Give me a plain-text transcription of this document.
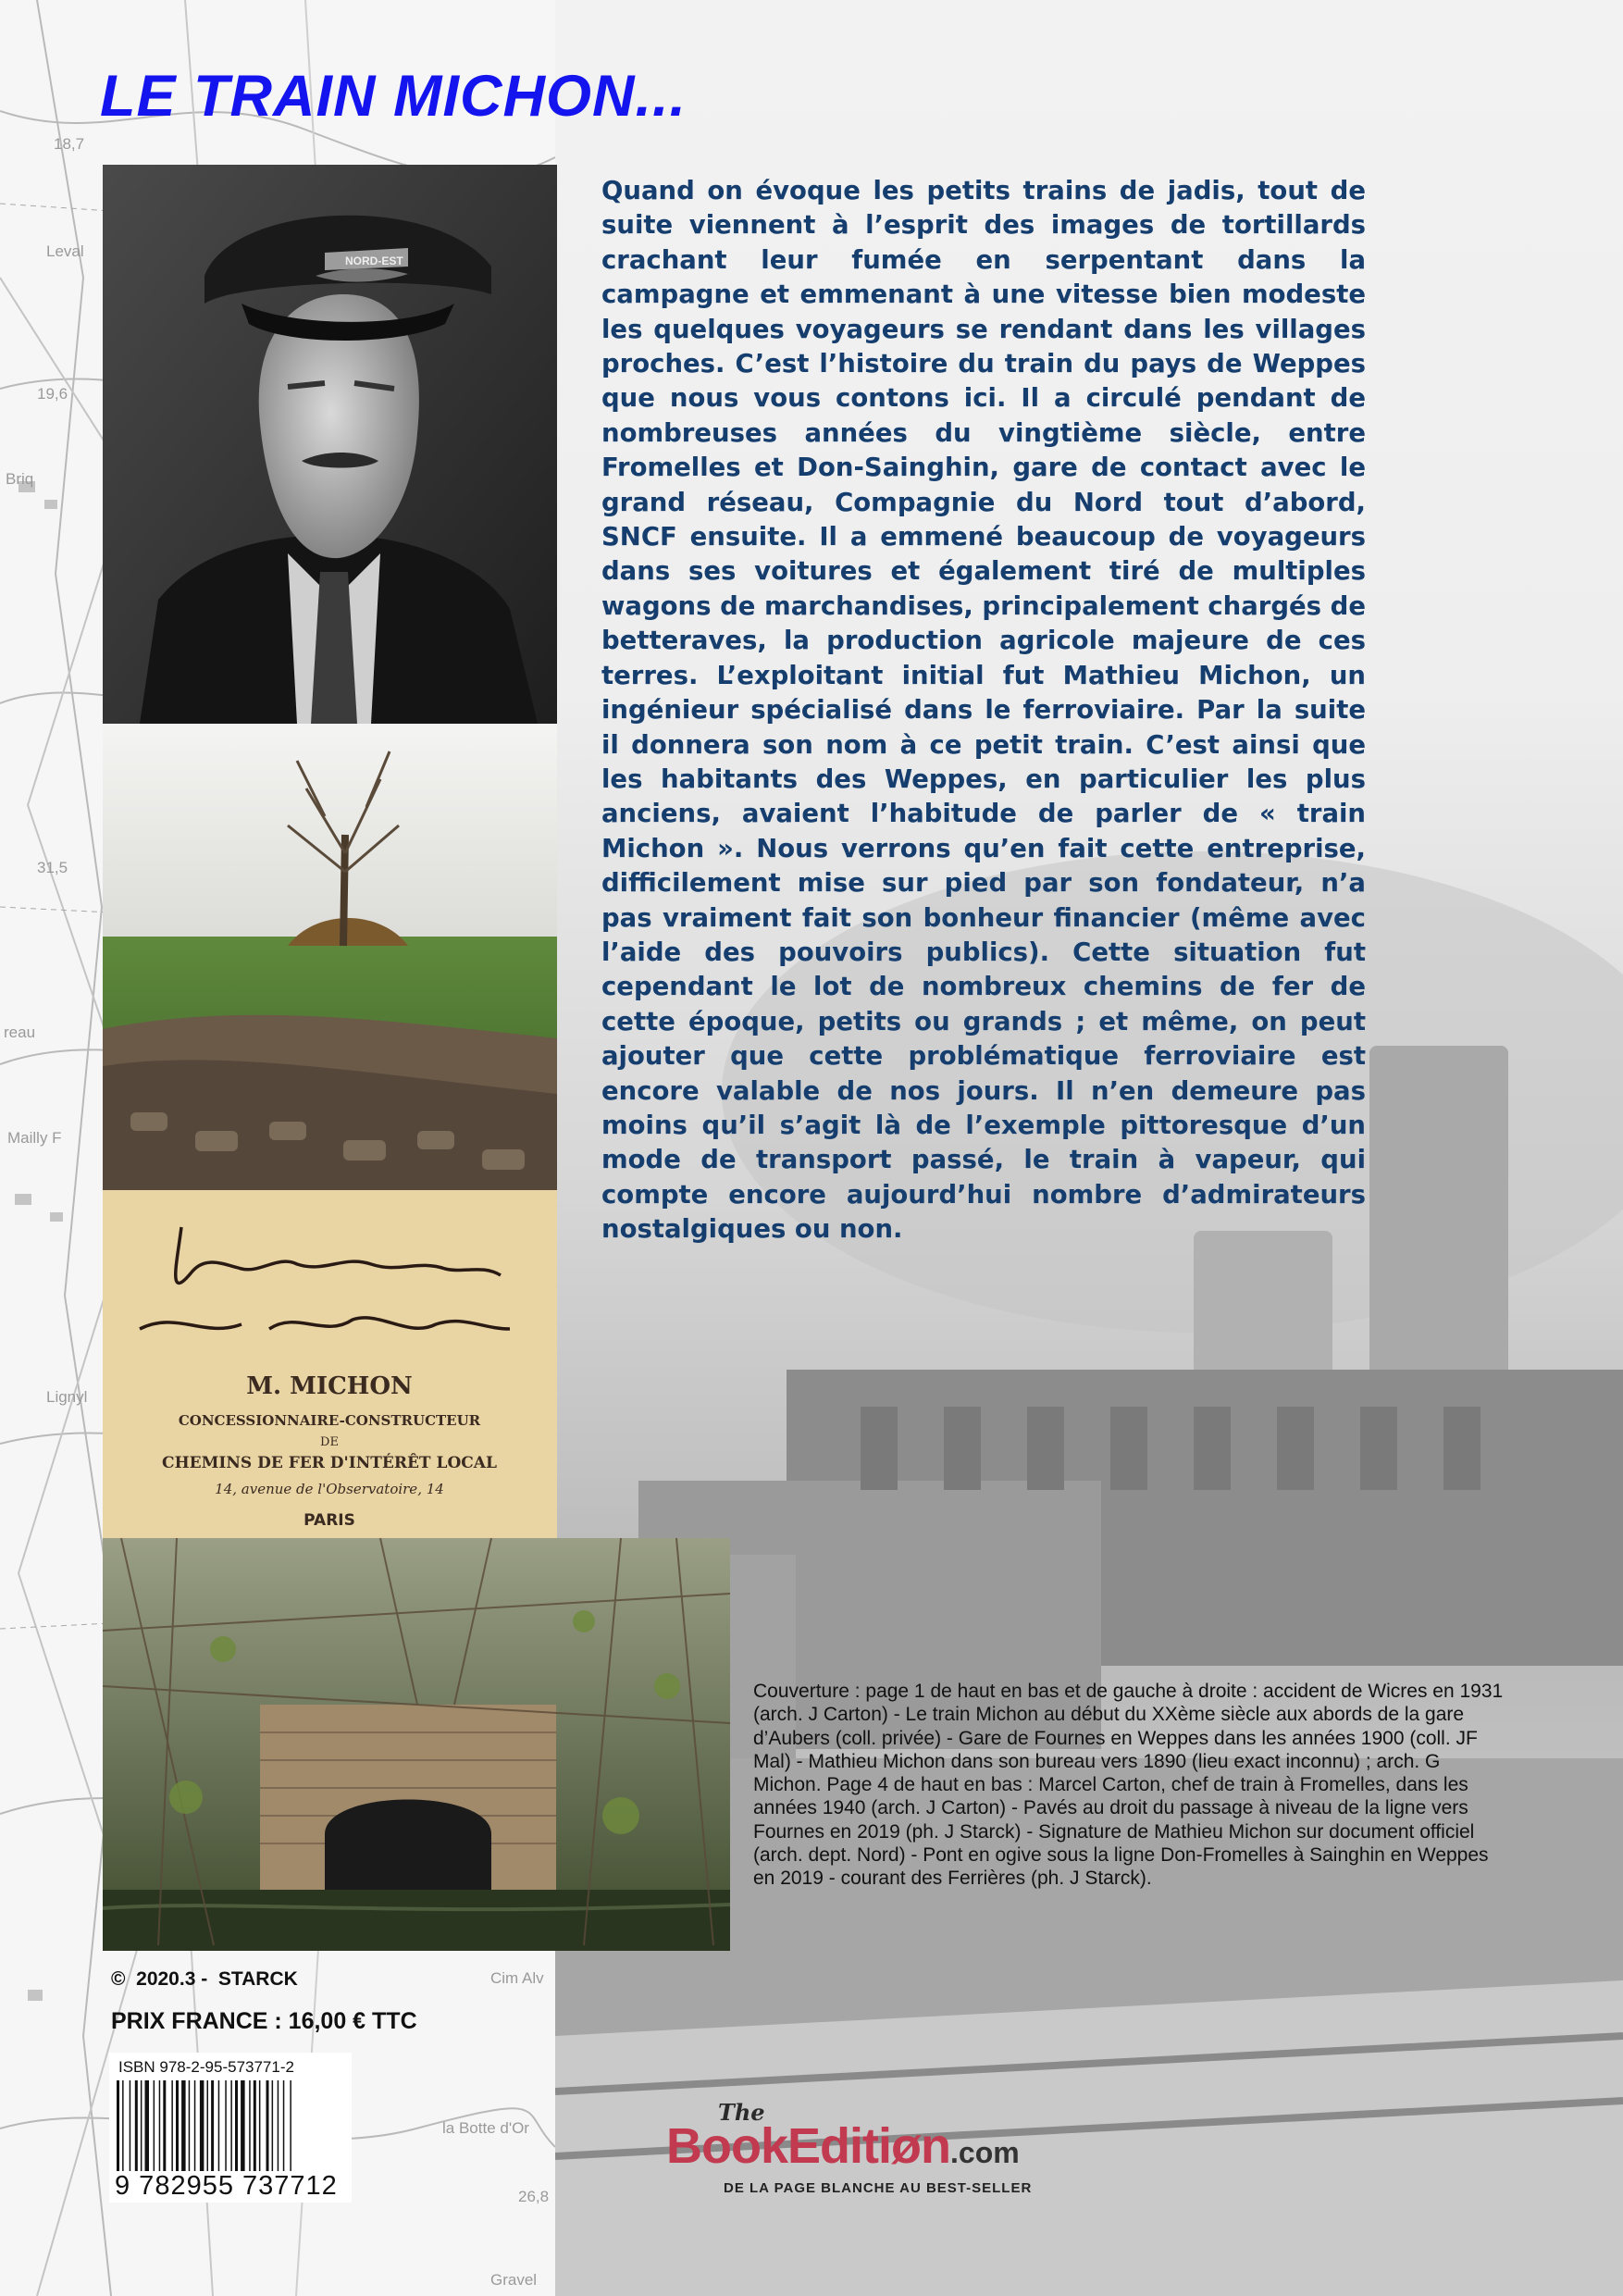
18,7
Leval
19,6
Briq
31,5
reau
Mailly F
Lignyl
Cim Alv
la Botte d'Or
26,8
Gravel
LE TRAIN MICHON...
NORD-EST
M. MICHON
CONCESSIONNAIRE-CONSTRUCTEUR
DE
CHEMINS DE FER D'INTÉRÊT LOCAL
14, avenue de l'Observatoire, 14
PARIS

Quand on évoque les petits trains de jadis, tout de suite viennent à l’esprit des images de tortillards crachant leur fumée en serpentant dans la campagne et emmenant à une vitesse bien modeste les quelques voyageurs se rendant dans les villages proches. C’est l’histoire du train du pays de Weppes que nous vous contons ici. Il a circulé pendant de nombreuses années du vingtième siècle, entre Fromelles et Don-Sainghin, gare de contact avec le grand réseau, Compagnie du Nord tout d’abord, SNCF ensuite. Il a emmené beaucoup de voyageurs dans ses voitures et également tiré de multiples wagons de marchandises, principalement chargés de betteraves, la production agricole majeure de ces terres. L’exploitant initial fut Mathieu Michon, un ingénieur spécialisé dans le ferroviaire. Par la suite il donnera son nom à ce petit train. C’est ainsi que les habitants des Weppes, en particulier les plus anciens, avaient l’habitude de parler de « train Michon ». Nous verrons qu’en fait cette entreprise, difficilement mise sur pied par son fondateur, n’a pas vraiment fait son bonheur financier (même avec l’aide des pouvoirs publics). Cette situation fut cependant le lot de nombreux chemins de fer de cette époque, petits ou grands ; et même, on peut ajouter que cette problématique ferroviaire est encore valable de nos jours. Il n’en demeure pas moins qu’il s’agit là de l’exemple pittoresque d’un mode de transport passé, le train à vapeur, qui compte encore aujourd’hui nombre d’admirateurs nostalgiques ou non.

Couverture : page 1 de haut en bas et de gauche à droite : accident de Wicres en 1931 (arch. J Carton) - Le train Michon au début du XXème siècle aux abords de la gare d’Aubers (coll. privée) - Gare de Fournes en Weppes dans les années 1900 (coll. JF Mal) - Mathieu Michon dans son bureau vers 1890 (lieu exact inconnu) ; arch. G Michon. Page 4 de haut en bas : Marcel Carton, chef de train à Fromelles, dans les années 1940 (arch. J Carton) - Pavés au droit du passage à niveau de la ligne vers Fournes en 2019 (ph. J Starck) - Signature de Mathieu Michon sur document officiel (arch. dept. Nord) - Pont en ogive sous la ligne Don-Fromelles à Sainghin en Weppes en 2019 - courant des Ferrières (ph. J Starck).

©  2020.3 -  STARCK
PRIX FRANCE : 16,00 € TTC
ISBN 978-2-95-573771-2
9 782955 737712
The
BookEditiøn.com
DE LA PAGE BLANCHE AU BEST-SELLER
